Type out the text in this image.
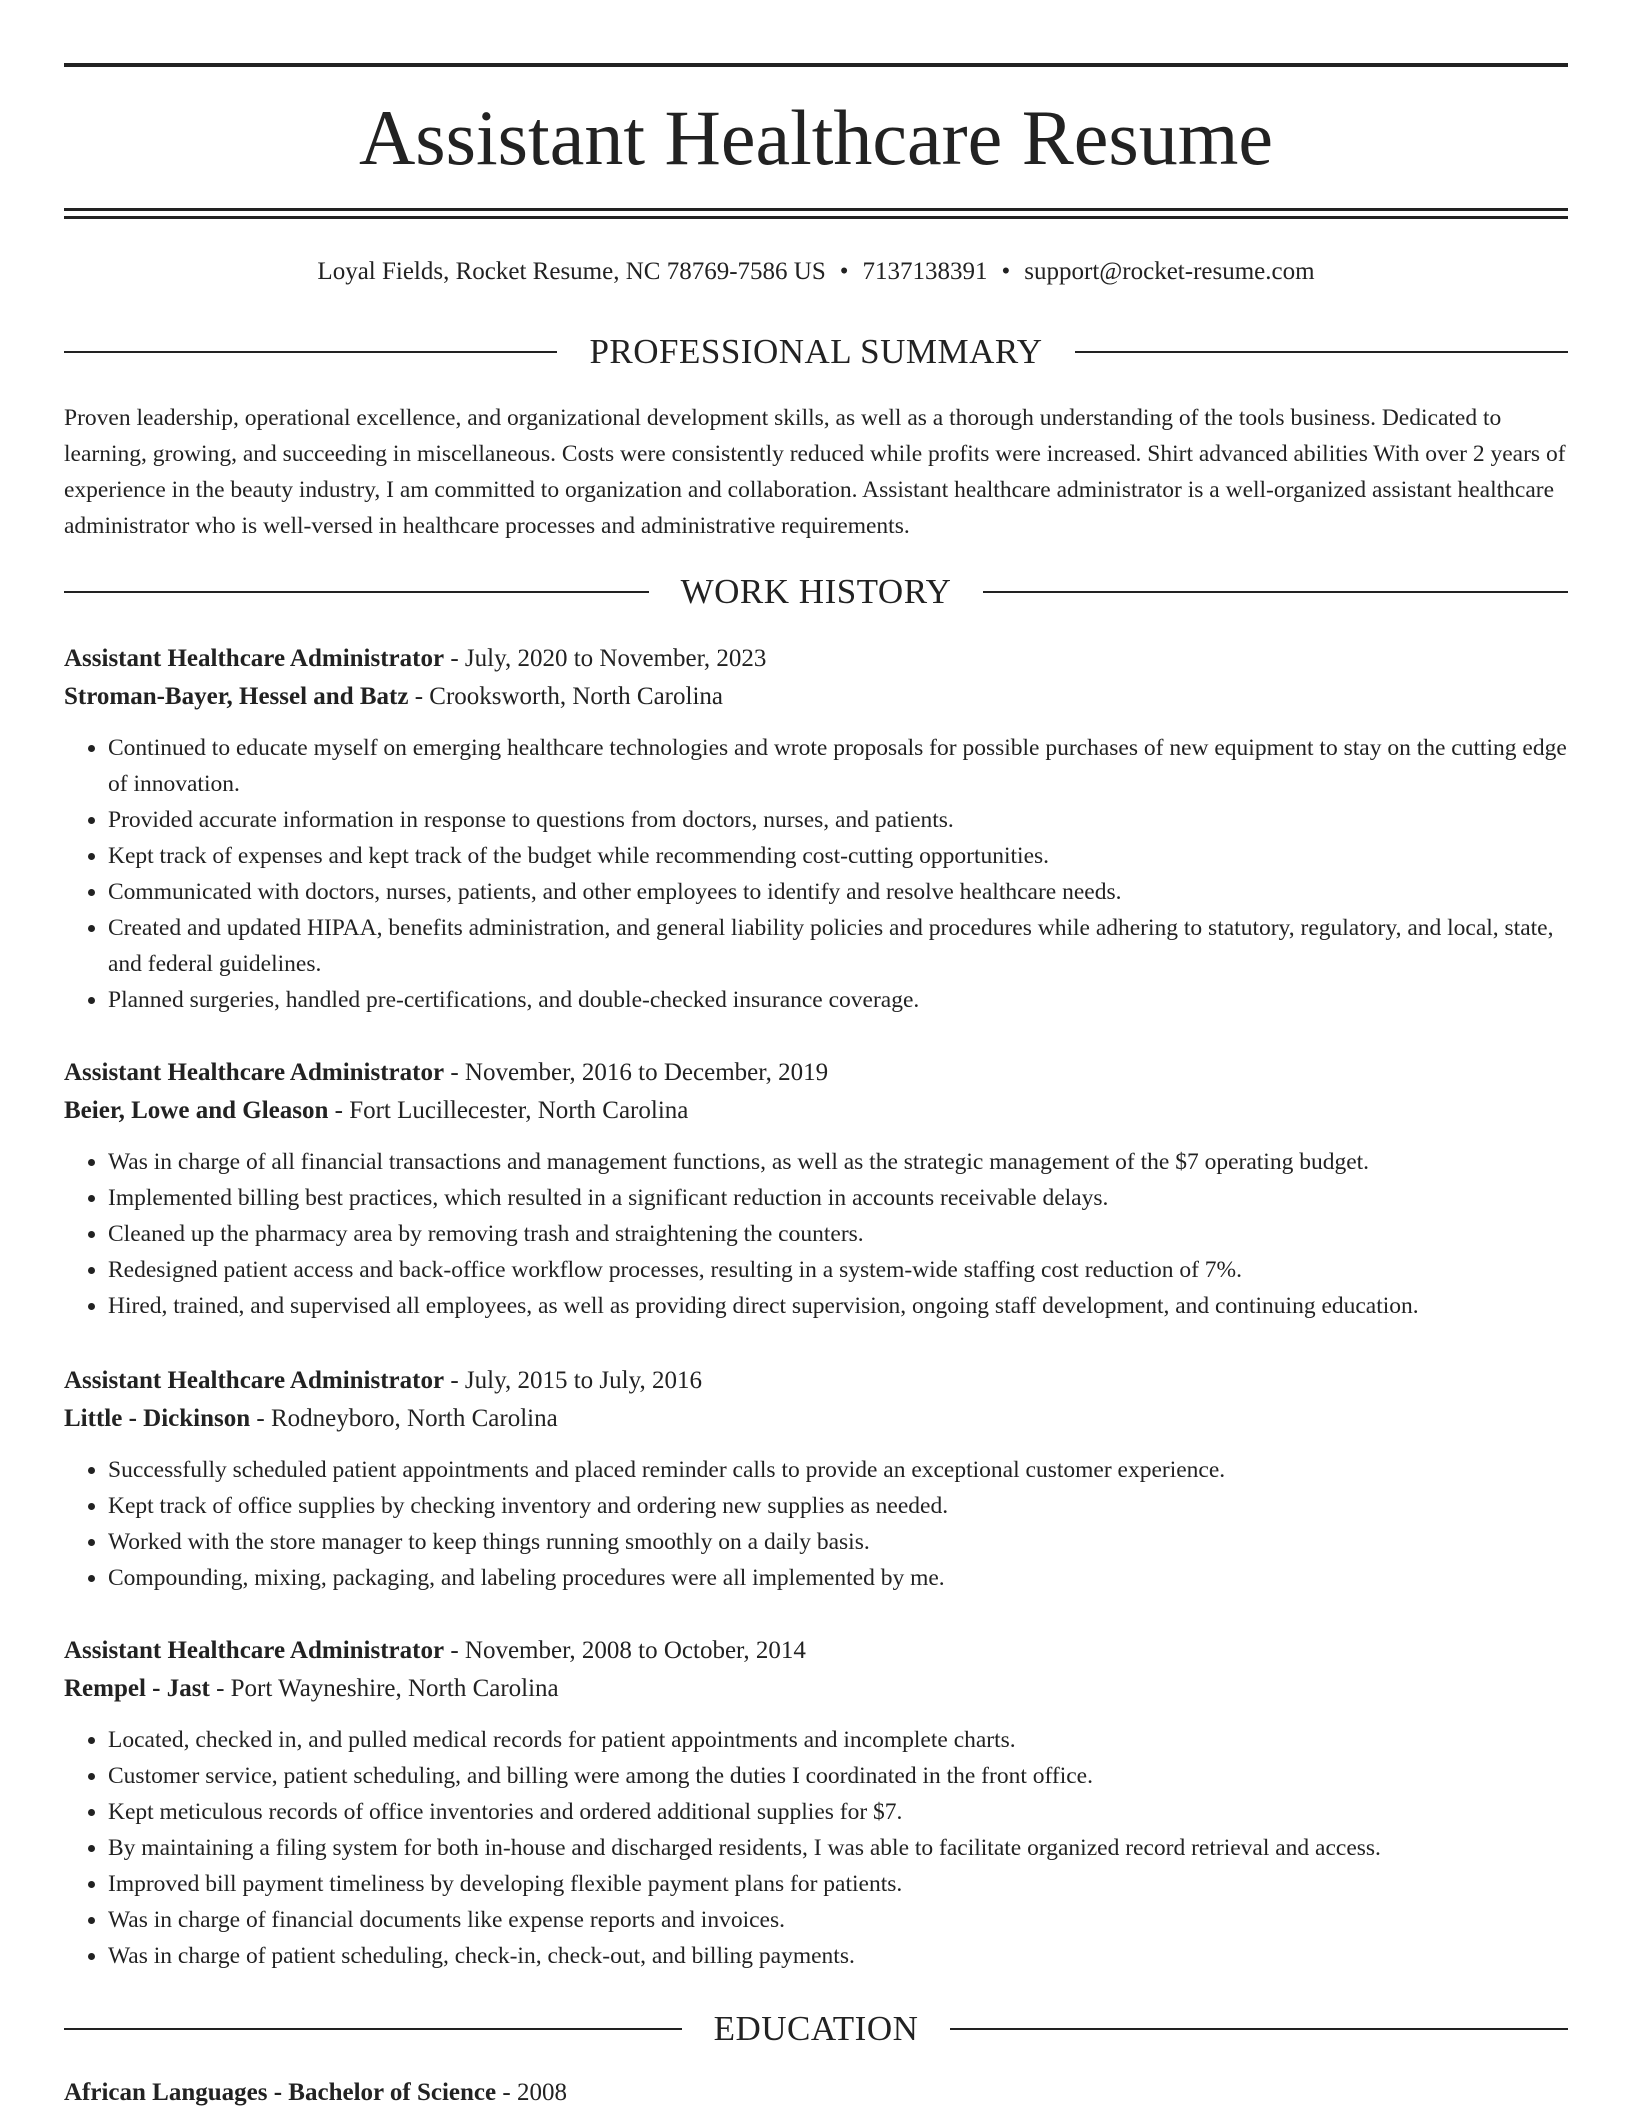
Assistant Healthcare Resume
Loyal Fields, Rocket Resume, NC 78769-7586 US • 7137138391 • support@rocket-resume.com
PROFESSIONAL SUMMARY

Proven leadership, operational excellence, and organizational development skills, as well as a thorough understanding of the tools business. Dedicated to learning, growing, and succeeding in miscellaneous. Costs were consistently reduced while profits were increased. Shirt advanced abilities With over 2 years of experience in the beauty industry, I am committed to organization and collaboration. Assistant healthcare administrator is a well-organized assistant healthcare administrator who is well-versed in healthcare processes and administrative requirements.

WORK HISTORY

Assistant Healthcare Administrator - July, 2020 to November, 2023

Stroman-Bayer, Hessel and Batz - Crooksworth, North Carolina

• Continued to educate myself on emerging healthcare technologies and wrote proposals for possible purchases of new equipment to stay on the cutting edge of innovation.
• Provided accurate information in response to questions from doctors, nurses, and patients.
• Kept track of expenses and kept track of the budget while recommending cost-cutting opportunities.
• Communicated with doctors, nurses, patients, and other employees to identify and resolve healthcare needs.
• Created and updated HIPAA, benefits administration, and general liability policies and procedures while adhering to statutory, regulatory, and local, state, and federal guidelines.
• Planned surgeries, handled pre-certifications, and double-checked insurance coverage.

Assistant Healthcare Administrator - November, 2016 to December, 2019

Beier, Lowe and Gleason - Fort Lucillecester, North Carolina

• Was in charge of all financial transactions and management functions, as well as the strategic management of the $7 operating budget.
• Implemented billing best practices, which resulted in a significant reduction in accounts receivable delays.
• Cleaned up the pharmacy area by removing trash and straightening the counters.
• Redesigned patient access and back-office workflow processes, resulting in a system-wide staffing cost reduction of 7%.
• Hired, trained, and supervised all employees, as well as providing direct supervision, ongoing staff development, and continuing education.

Assistant Healthcare Administrator - July, 2015 to July, 2016

Little - Dickinson - Rodneyboro, North Carolina

• Successfully scheduled patient appointments and placed reminder calls to provide an exceptional customer experience.
• Kept track of office supplies by checking inventory and ordering new supplies as needed.
• Worked with the store manager to keep things running smoothly on a daily basis.
• Compounding, mixing, packaging, and labeling procedures were all implemented by me.

Assistant Healthcare Administrator - November, 2008 to October, 2014

Rempel - Jast - Port Wayneshire, North Carolina

• Located, checked in, and pulled medical records for patient appointments and incomplete charts.
• Customer service, patient scheduling, and billing were among the duties I coordinated in the front office.
• Kept meticulous records of office inventories and ordered additional supplies for $7.
• By maintaining a filing system for both in-house and discharged residents, I was able to facilitate organized record retrieval and access.
• Improved bill payment timeliness by developing flexible payment plans for patients.
• Was in charge of financial documents like expense reports and invoices.
• Was in charge of patient scheduling, check-in, check-out, and billing payments.
EDUCATION
African Languages - Bachelor of Science - 2008
